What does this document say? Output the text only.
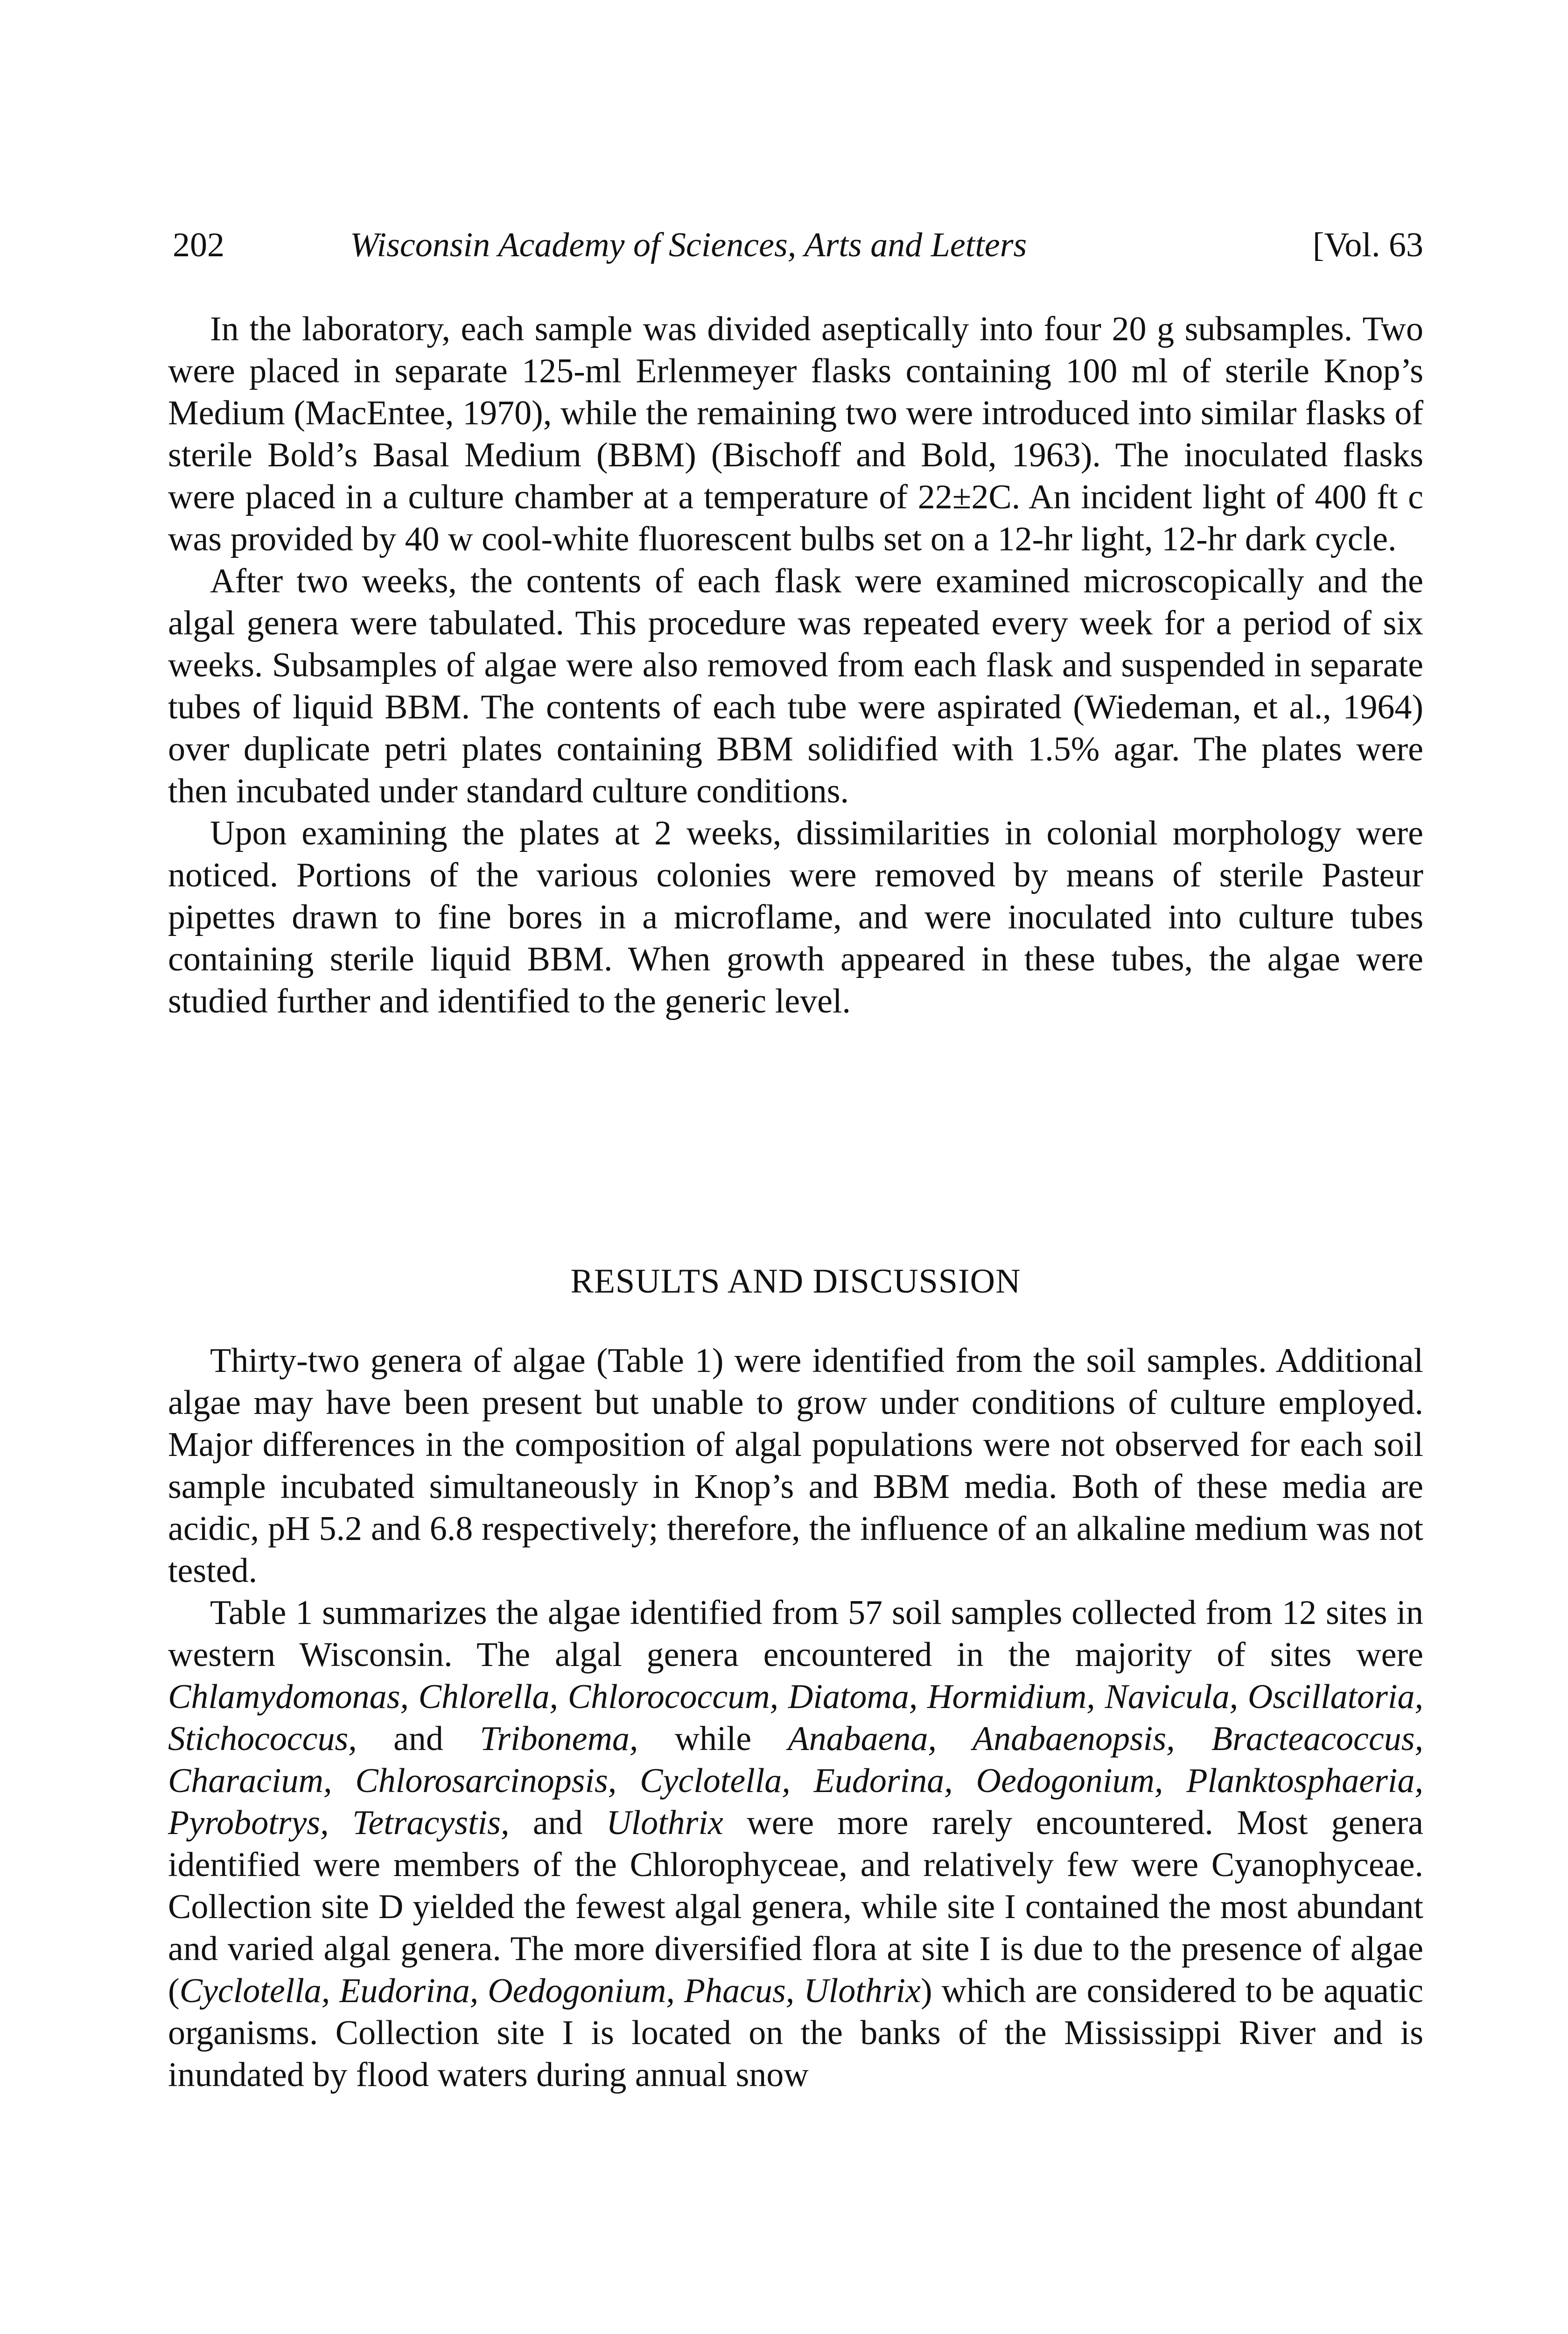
202	Wisconsin Academy of Sciences, Arts and Letters	[Vol. 63

In the laboratory, each sample was divided aseptically into four 20 g subsamples. Two were placed in separate 125-ml Erlenmeyer flasks containing 100 ml of sterile Knop’s Medium (MacEntee, 1970), while the remaining two were introduced into similar flasks of sterile Bold’s Basal Medium (BBM) (Bischoff and Bold, 1963). The inoculated flasks were placed in a culture chamber at a temperature of 22±2C. An incident light of 400 ft c was provided by 40 w cool-white fluorescent bulbs set on a 12-hr light, 12-hr dark cycle.

After two weeks, the contents of each flask were examined microscopically and the algal genera were tabulated. This procedure was repeated every week for a period of six weeks. Subsamples of algae were also removed from each flask and suspended in separate tubes of liquid BBM. The contents of each tube were aspirated (Wiedeman, et al., 1964) over duplicate petri plates containing BBM solidified with 1.5% agar. The plates were then incubated under standard culture conditions.

Upon examining the plates at 2 weeks, dissimilarities in colonial morphology were noticed. Portions of the various colonies were removed by means of sterile Pasteur pipettes drawn to fine bores in a microflame, and were inoculated into culture tubes containing sterile liquid BBM. When growth appeared in these tubes, the algae were studied further and identified to the generic level.

RESULTS AND DISCUSSION

Thirty-two genera of algae (Table 1) were identified from the soil samples. Additional algae may have been present but unable to grow under conditions of culture employed. Major differences in the composition of algal populations were not observed for each soil sample incubated simultaneously in Knop’s and BBM media. Both of these media are acidic, pH 5.2 and 6.8 respectively; therefore, the influence of an alkaline medium was not tested.

Table 1 summarizes the algae identified from 57 soil samples collected from 12 sites in western Wisconsin. The algal genera encountered in the majority of sites were Chlamydomonas, Chlorella, Chlorococcum, Diatoma, Hormidium, Navicula, Oscillatoria, Stichococcus, and Tribonema, while Anabaena, Anabaenopsis, Bracteacoccus, Characium, Chlorosarcinopsis, Cyclotella, Eudorina, Oedogonium, Planktosphaeria, Pyrobotrys, Tetracystis, and Ulothrix were more rarely encountered. Most genera identified were members of the Chlorophyceae, and relatively few were Cyanophyceae. Collection site D yielded the fewest algal genera, while site I contained the most abundant and varied algal genera. The more diversified flora at site I is due to the presence of algae (Cyclotella, Eudorina, Oedogonium, Phacus, Ulothrix) which are considered to be aquatic organisms. Collection site I is located on the banks of the Mississippi River and is inundated by flood waters during annual snow
